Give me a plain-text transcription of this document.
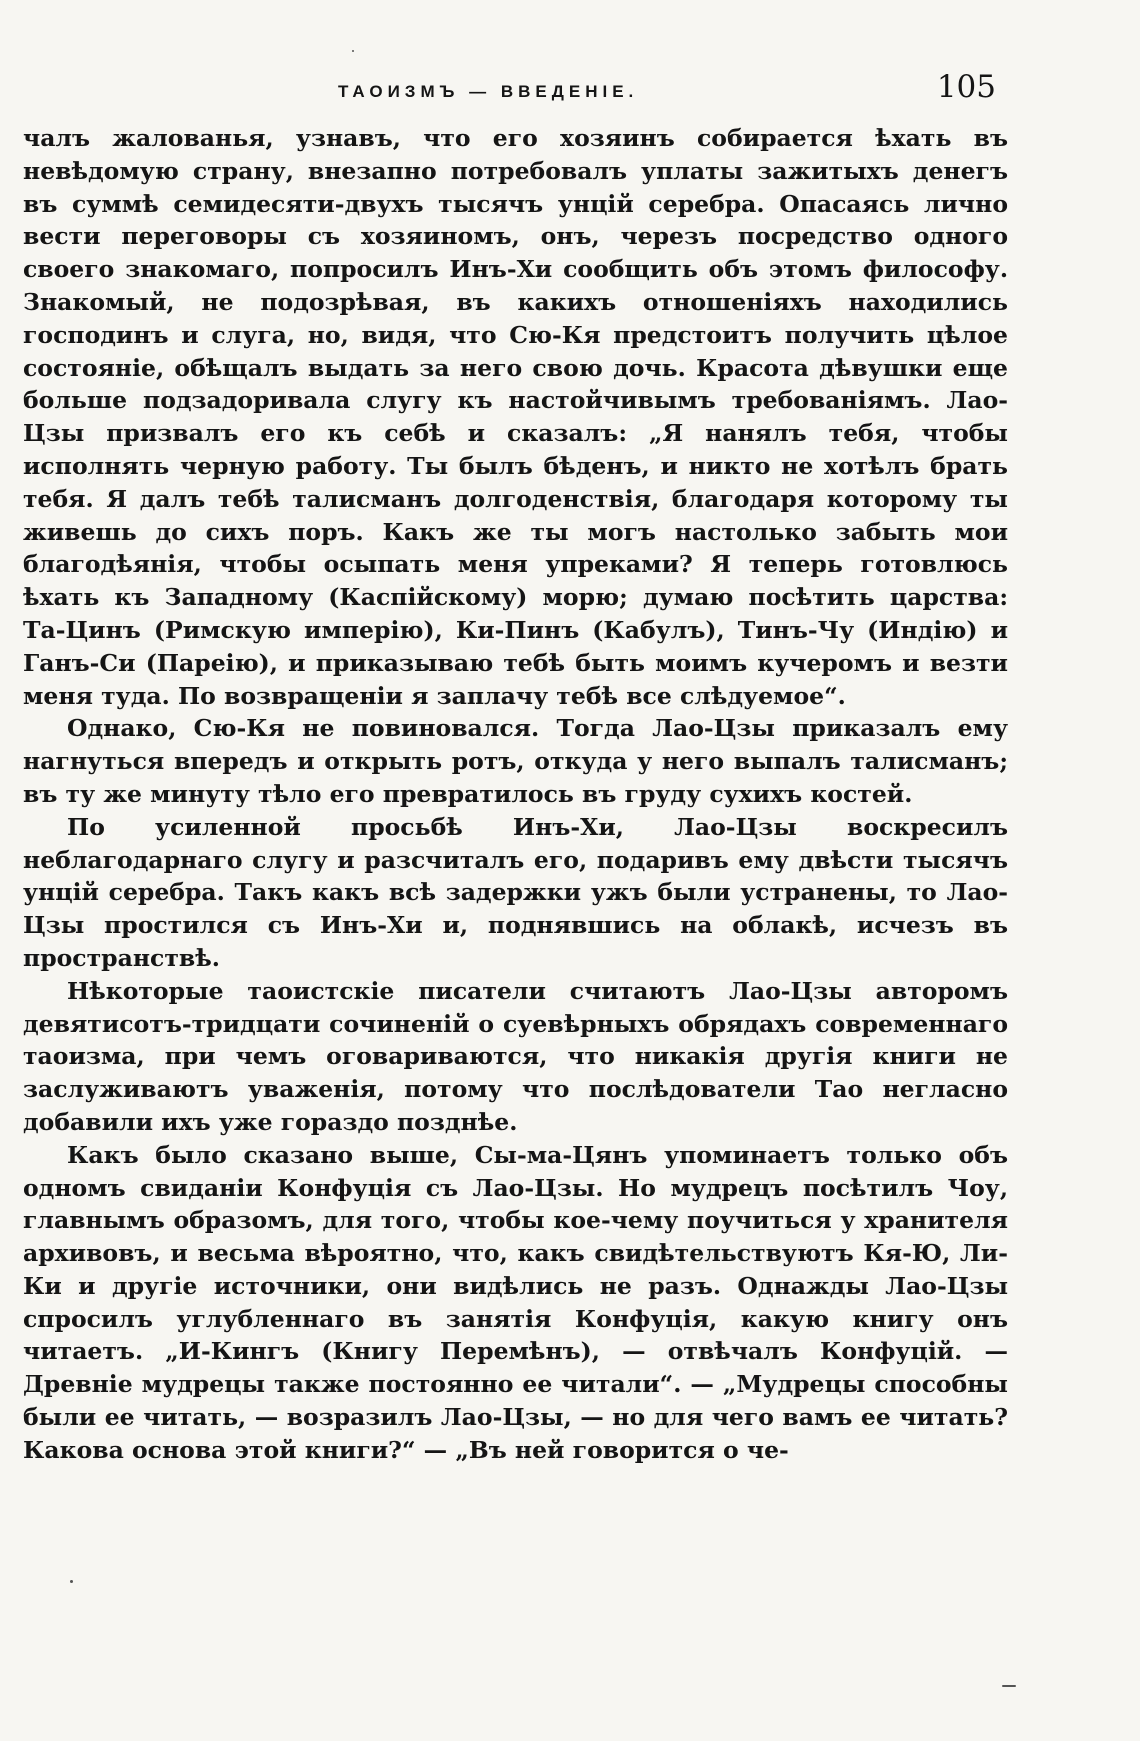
ТАОИЗМЪ — ВВЕДЕНІЕ.	105

чалъ жалованья, узнавъ, что его хозяинъ собирается ѣхать въ невѣдомую страну, внезапно потребовалъ уплаты зажитыхъ денегъ въ суммѣ семидесяти-двухъ тысячъ унцій серебра. Опасаясь лично вести переговоры съ хозяиномъ, онъ, черезъ посредство одного своего знакомаго, попросилъ Инъ-Хи сообщить объ этомъ философу. Знакомый, не подозрѣвая, въ какихъ отношеніяхъ находились господинъ и слуга, но, видя, что Сю-Кя предстоитъ получить цѣлое состояніе, обѣщалъ выдать за него свою дочь. Красота дѣвушки еще больше подзадоривала слугу къ настойчивымъ требованіямъ. Лао-Цзы призвалъ его къ себѣ и сказалъ: „Я нанялъ тебя, чтобы исполнять черную работу. Ты былъ бѣденъ, и никто не хотѣлъ брать тебя. Я далъ тебѣ талисманъ долгоденствія, благодаря которому ты живешь до сихъ поръ. Какъ же ты могъ настолько забыть мои благодѣянія, чтобы осыпать меня упреками? Я теперь готовлюсь ѣхать къ Западному (Каспійскому) морю; думаю посѣтить царства: Та-Цинъ (Римскую имперію), Ки-Пинъ (Кабулъ), Тинъ-Чу (Индію) и Ганъ-Си (Пареію), и приказываю тебѣ быть моимъ кучеромъ и везти меня туда. По возвращеніи я заплачу тебѣ все слѣдуемое“.

Однако, Сю-Кя не повиновался. Тогда Лао-Цзы приказалъ ему нагнуться впередъ и открыть ротъ, откуда у него выпалъ талисманъ; въ ту же минуту тѣло его превратилось въ груду сухихъ костей.

По усиленной просьбѣ Инъ-Хи, Лао-Цзы воскресилъ неблагодарнаго слугу и разсчиталъ его, подаривъ ему двѣсти тысячъ унцій серебра. Такъ какъ всѣ задержки ужъ были устранены, то Лао-Цзы простился съ Инъ-Хи и, поднявшись на облакѣ, исчезъ въ пространствѣ.

Нѣкоторые таоистскіе писатели считаютъ Лао-Цзы авторомъ девятисотъ-тридцати сочиненій о суевѣрныхъ обрядахъ современнаго таоизма, при чемъ оговариваются, что никакія другія книги не заслуживаютъ уваженія, потому что послѣдователи Тао негласно добавили ихъ уже гораздо позднѣе.

Какъ было сказано выше, Сы-ма-Цянъ упоминаетъ только объ одномъ свиданіи Конфуція съ Лао-Цзы. Но мудрецъ посѣтилъ Чоу, главнымъ образомъ, для того, чтобы кое-чему поучиться у хранителя архивовъ, и весьма вѣроятно, что, какъ свидѣтельствуютъ Кя-Ю, Ли-Ки и другіе источники, они видѣлись не разъ. Однажды Лао-Цзы спросилъ углубленнаго въ занятія Конфуція, какую книгу онъ читаетъ. „И-Кингъ (Книгу Перемѣнъ), — отвѣчалъ Конфуцій. — Древніе мудрецы также постоянно ее читали“. — „Мудрецы способны были ее читать, — возразилъ Лао-Цзы, — но для чего вамъ ее читать? Какова основа этой книги?“ — „Въ ней говорится о че-
